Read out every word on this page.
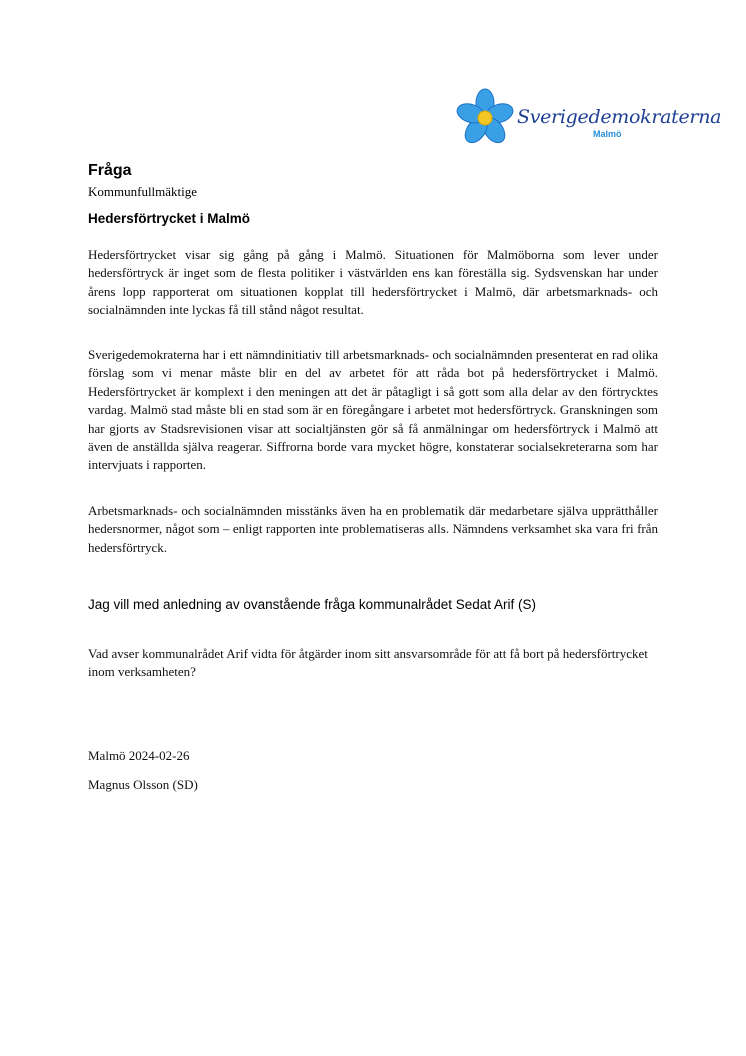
Sverigedemokraterna
Malmö
Fråga
Kommunfullmäktige
Hedersförtrycket i Malmö

Hedersförtrycket visar sig gång på gång i Malmö. Situationen för Malmöborna som lever under hedersförtryck är inget som de flesta politiker i västvärlden ens kan föreställa sig. Sydsvenskan har under årens lopp rapporterat om situationen kopplat till hedersförtrycket i Malmö, där arbetsmarknads- och socialnämnden inte lyckas få till stånd något resultat.

Sverigedemokraterna har i ett nämndinitiativ till arbetsmarknads- och socialnämnden presenterat en rad olika förslag som vi menar måste blir en del av arbetet för att råda bot på hedersförtrycket i Malmö. Hedersförtrycket är komplext i den meningen att det är påtagligt i så gott som alla delar av den förtrycktes vardag. Malmö stad måste bli en stad som är en föregångare i arbetet mot hedersförtryck. Granskningen som har gjorts av Stadsrevisionen visar att socialtjänsten gör så få anmälningar om hedersförtryck i Malmö att även de anställda själva reagerar. Siffrorna borde vara mycket högre, konstaterar socialsekreterarna som har intervjuats i rapporten.

Arbetsmarknads- och socialnämnden misstänks även ha en problematik där medarbetare själva upprätthåller hedersnormer, något som – enligt rapporten inte problematiseras alls. Nämndens verksamhet ska vara fri från hedersförtryck.

Jag vill med anledning av ovanstående fråga kommunalrådet Sedat Arif (S)

Vad avser kommunalrådet Arif vidta för åtgärder inom sitt ansvarsområde för att få bort på hedersförtrycket inom verksamheten?

Malmö 2024-02-26
Magnus Olsson (SD)
